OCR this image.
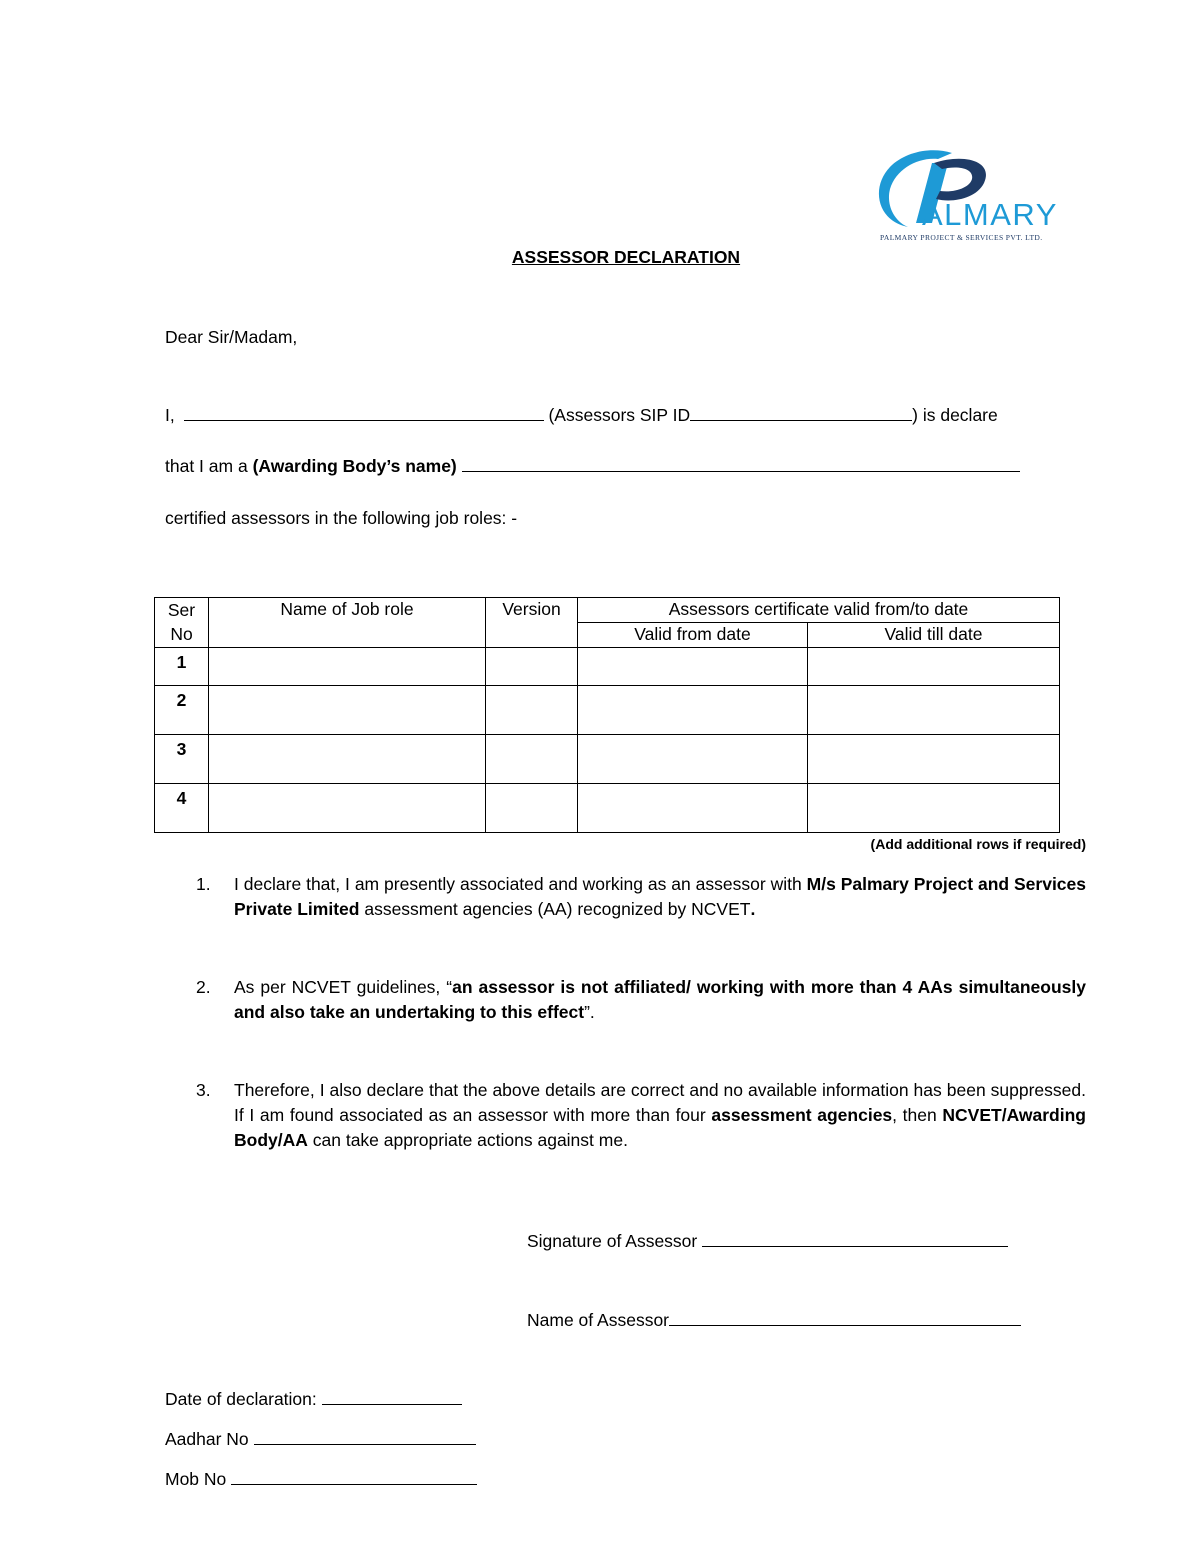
ALMARY
PALMARY PROJECT & SERVICES PVT. LTD.
ASSESSOR DECLARATION
Dear Sir/Madam,
I,	(Assessors SIP ID	) is declare
that I am a (Awarding Body’s name)
certified assessors in the following job roles: -
Ser
No	Name of Job role	Version	Assessors certificate valid from/to date	
			Valid from date	Valid till date
1				
2				
3				
4				
(Add additional rows if required)
1.	I declare that, I am presently associated and working as an assessor with M/s Palmary Project and Services Private Limited assessment agencies (AA) recognized by NCVET.
2.	As per NCVET guidelines, “an assessor is not affiliated/ working with more than 4 AAs simultaneously and also take an undertaking to this effect”.
3.	Therefore, I also declare that the above details are correct and no available information has been suppressed. If I am found associated as an assessor with more than four assessment agencies, then NCVET/Awarding Body/AA can take appropriate actions against me.
Signature of Assessor
Name of Assessor
Date of declaration:
Aadhar No
Mob No
